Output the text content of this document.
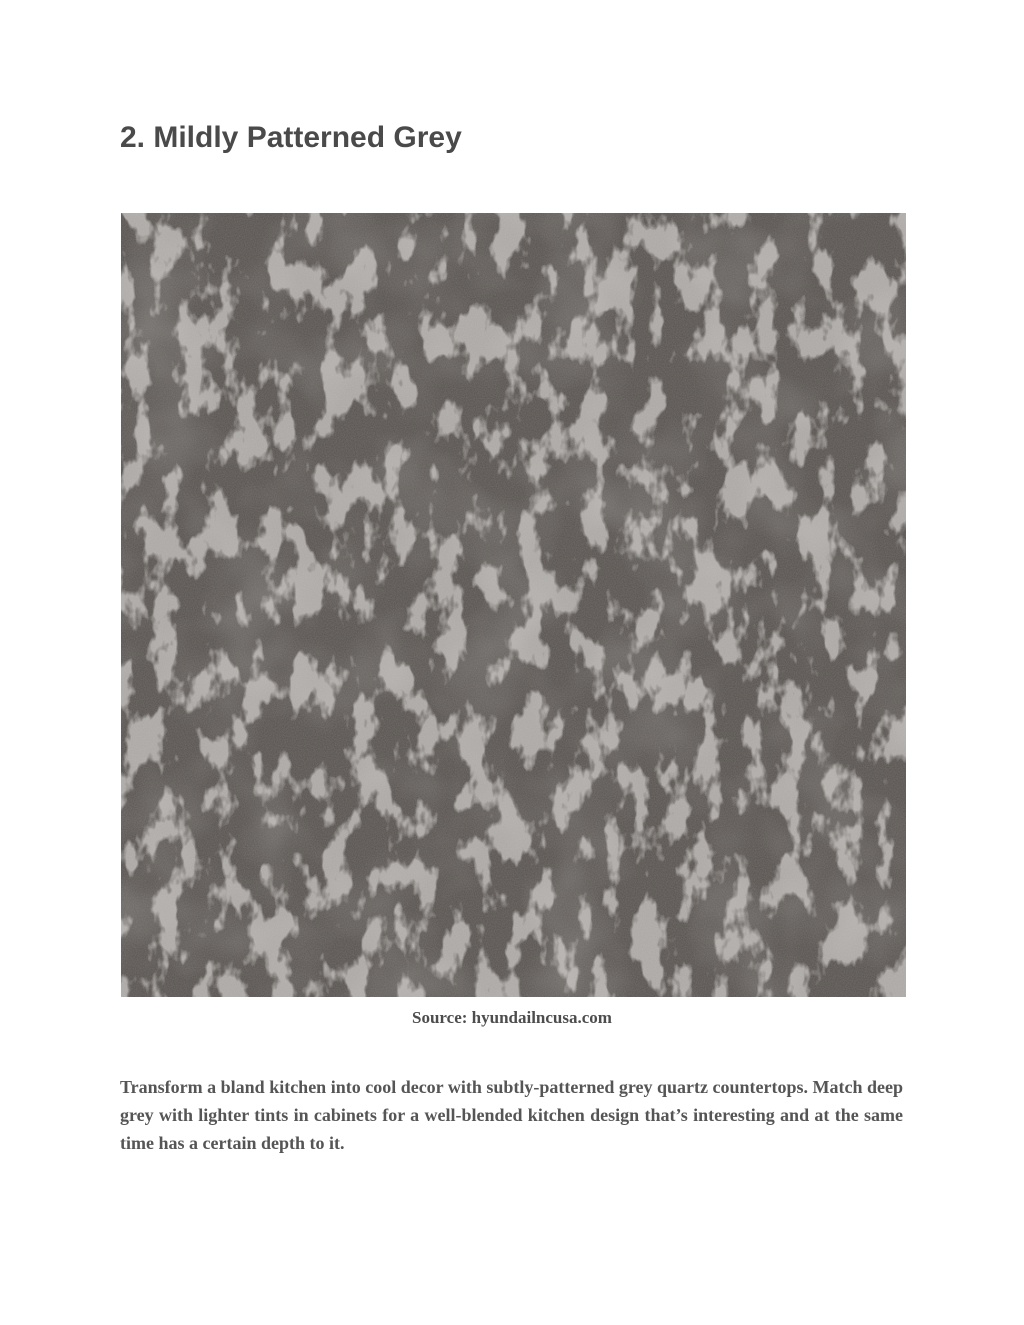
2. Mildly Patterned Grey
Source: hyundailncusa.com

Transform a bland kitchen into cool decor with subtly-patterned grey quartz countertops. Match deep grey with lighter tints in cabinets for a well-blended kitchen design that’s interesting and at the same time has a certain depth to it.
